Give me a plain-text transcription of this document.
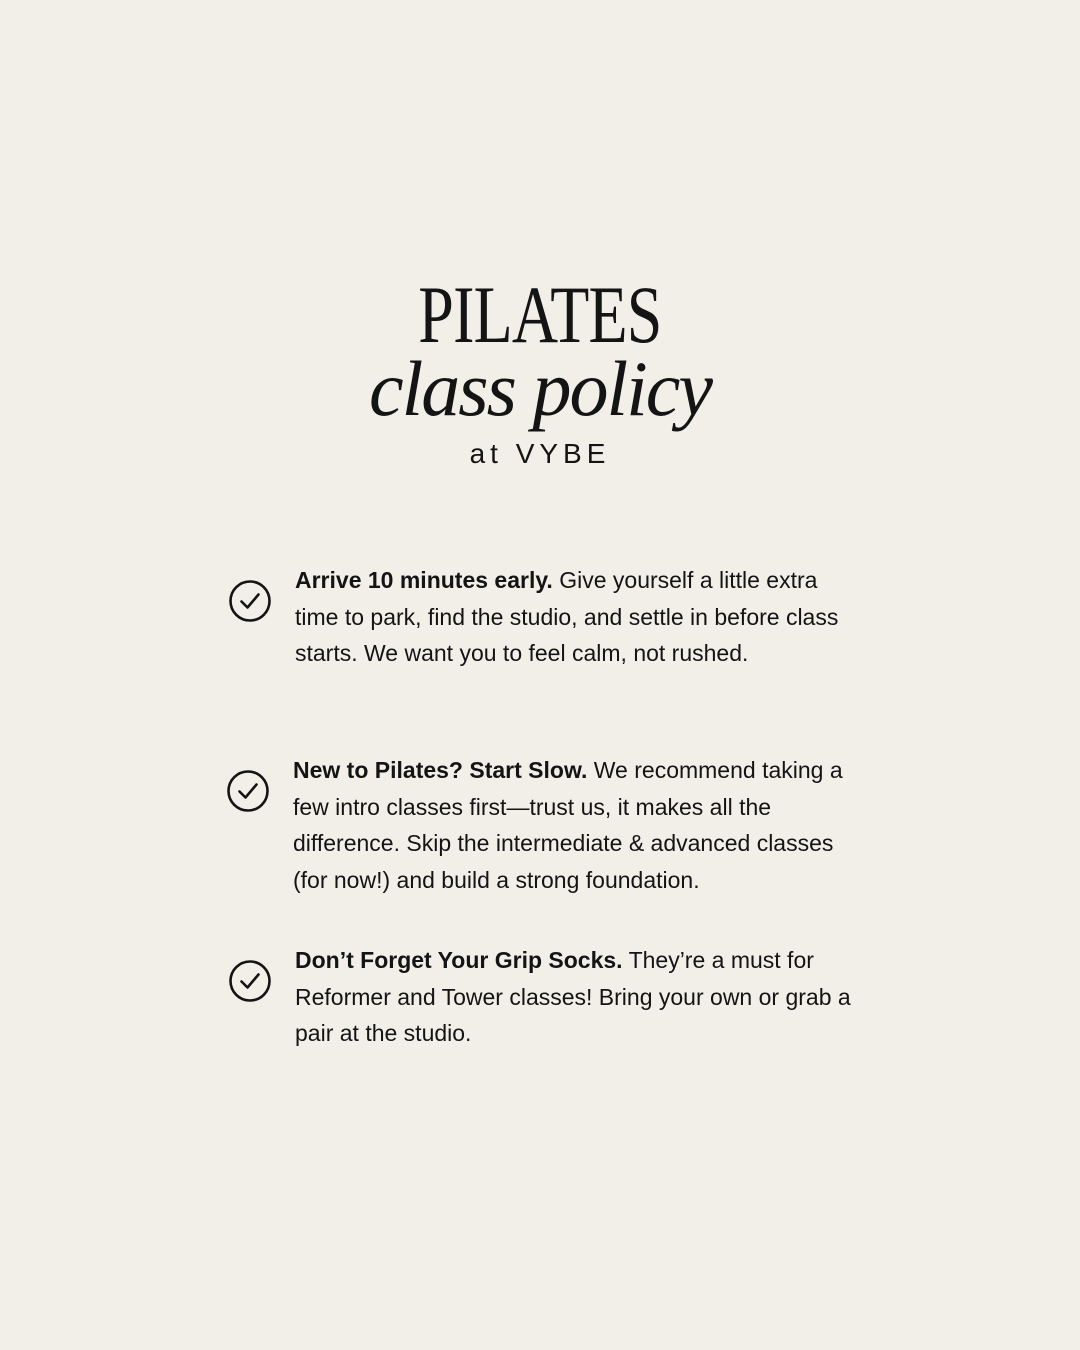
PILATES
class policy
at VYBE
Arrive 10 minutes early. Give yourself a little extra time to park, find the studio, and settle in before class starts. We want you to feel calm, not rushed.
New to Pilates? Start Slow. We recommend taking a few intro classes first—trust us, it makes all the difference. Skip the intermediate & advanced classes (for now!) and build a strong foundation.
Don’t Forget Your Grip Socks. They’re a must for Reformer and Tower classes! Bring your own or grab a pair at the studio.
